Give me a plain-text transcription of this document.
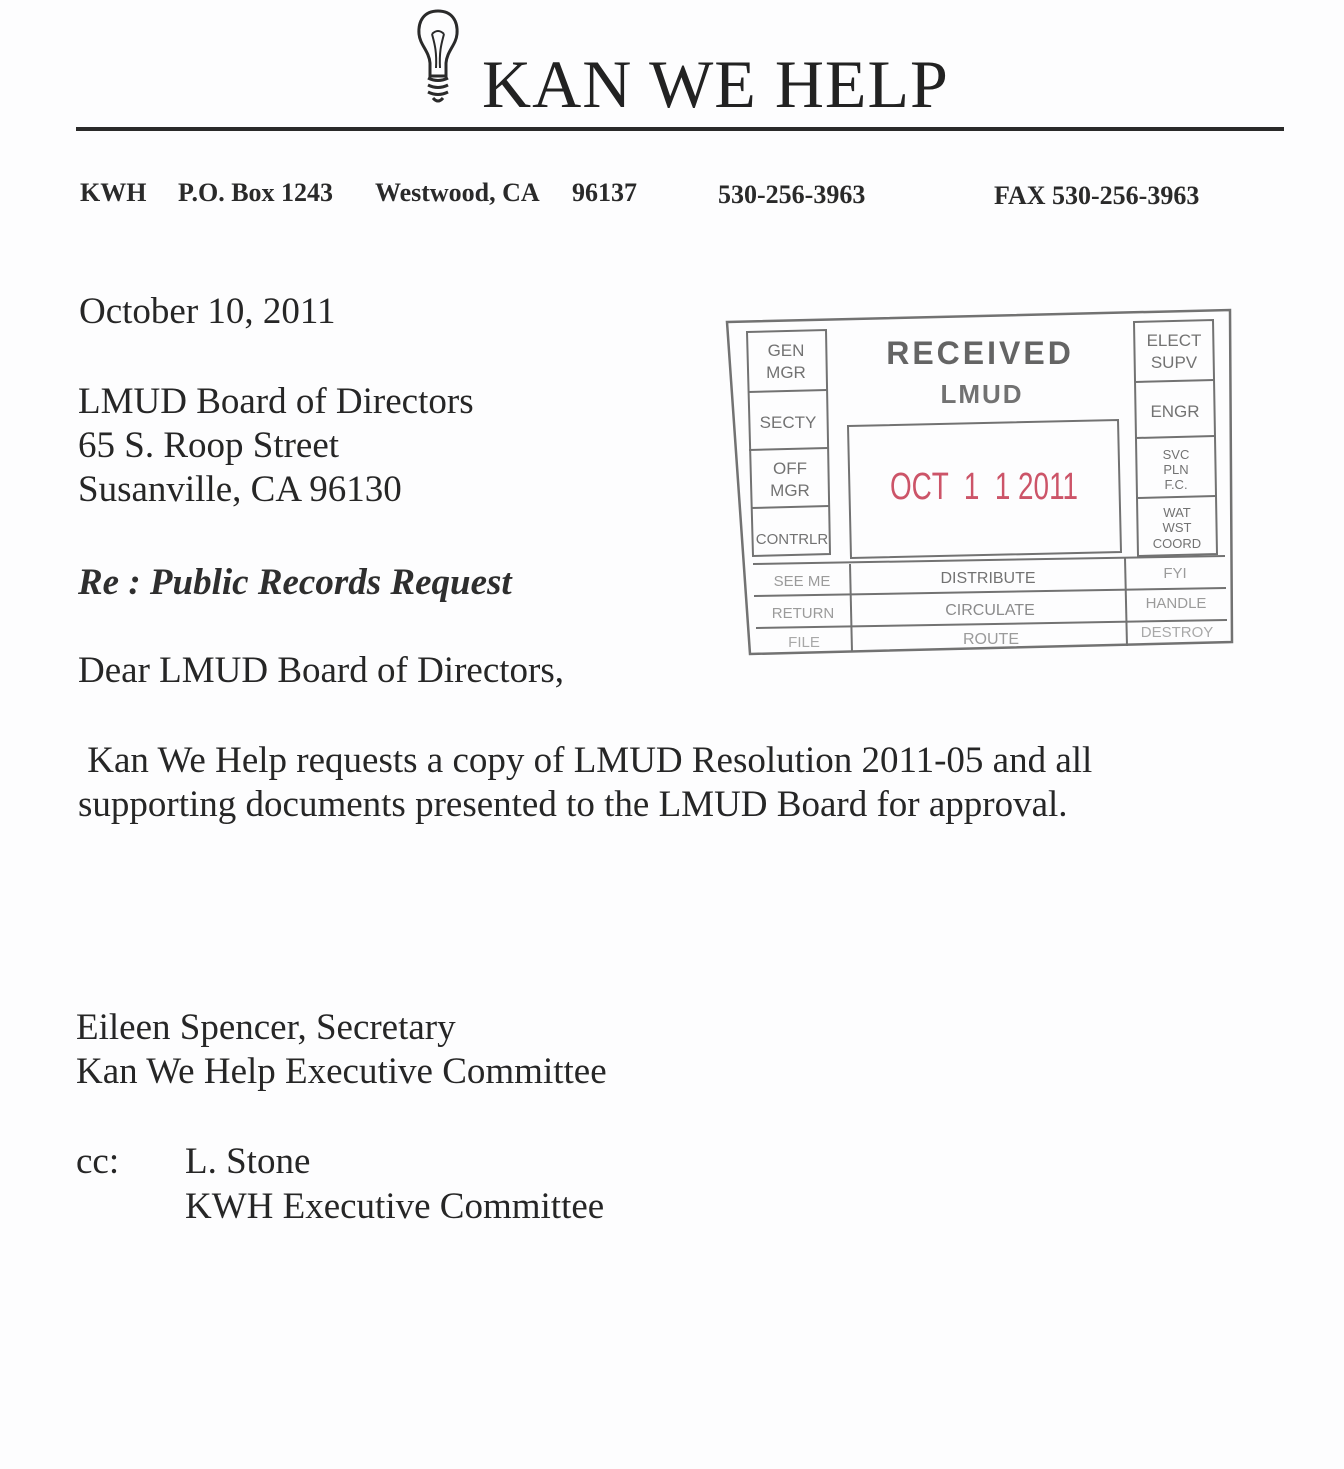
KAN WE HELP
KWH P.O. Box 1243 Westwood, CA 96137	530-256-3963	FAX 530-256-3963
October 10, 2011
LMUD Board of Directors
65 S. Roop Street
Susanville, CA 96130
Re : Public Records Request
Dear LMUD Board of Directors,
Kan We Help requests a copy of LMUD Resolution 2011-05 and all
supporting documents presented to the LMUD Board for approval.
Eileen Spencer, Secretary
Kan We Help Executive Committee
cc: L. Stone
KWH Executive Committee
GEN
MGR
SECTY
OFF
MGR
CONTRLR
ELECT
SUPV
ENGR
SVC
PLN
F.C.
WAT
WST
COORD
SEE ME
RETURN
FILE
DISTRIBUTE
CIRCULATE
ROUTE
FYI
HANDLE
DESTROY
RECEIVED
LMUD
OCT  1  1 2011
